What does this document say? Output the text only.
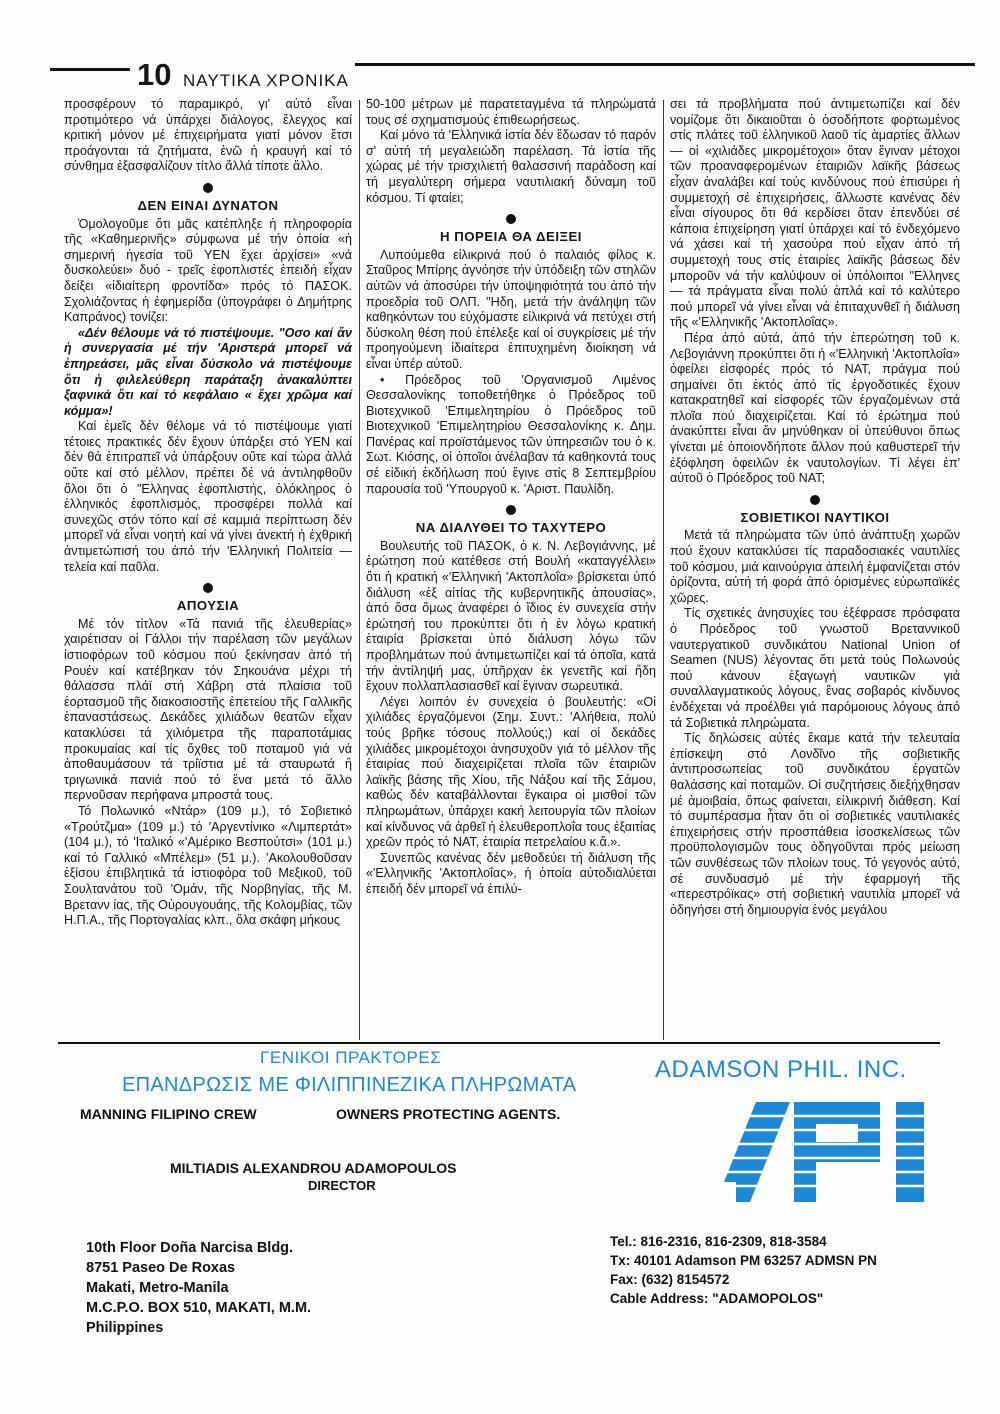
10 ΝΑΥΤΙΚΑ ΧΡΟΝΙΚΑ

προσφέρουν τό παραμικρό, γι' αὐτό εἶναι προτιμότερο νά ὑπάρχει διάλογος, ἔλεγχος καί κριτική μόνον μέ ἐπιχειρήματα γιατί μόνον ἔτσι προάγονται τά ζητήματα, ἐνῶ ἡ κραυγή καί τό σύνθημα ἐξασφαλίζουν τίτλο ἄλλά τίποτε ἄλλο.

ΔΕΝ ΕΙΝΑΙ ΔΥΝΑΤΟΝ

Ὁμολογοῦμε ὅτι μᾶς κατέπληξε ἡ πληροφορία τῆς «Καθημερινῆς» σύμφωνα μέ τήν ὁποία «ἡ σημερινή ἡγεσία τοῦ ΥΕΝ ἔχει ἀρχίσει» «νά δυσκολεύει» δυό - τρεῖς ἐφοπλιστές ἐπειδή εἶχαν δείξει «ἰδιαίτερη φροντίδα» πρός τό ΠΑΣΟΚ. Σχολιάζοντας ἡ ἐφημερίδα (ὑπογράφει ὁ Δημήτρης Καπράνος) τονίζει:

«Δέν θέλουμε νά τό πιστέψουμε. "Οσο καί ἄν ἡ συνεργασία μέ τήν 'Αριστερά μπορεῖ νά ἐπηρεάσει, μᾶς εἶναι δύσκολο νά πιστέψουμε ὅτι ἡ φιλελεύθερη παράταξη ἀνακαλύπτει ξαφνικά ὅτι καί τό κεφάλαιο « ἔχει χρῶμα καί κόμμα»!

Καί ἐμεῖς δέν θέλομε νά τό πιστέψουμε γιατί τέτοιες πρακτικές δέν ἔχουν ὑπάρξει στό ΥΕΝ καί δέν θά ἐπιτραπεῖ νά ὑπάρξουν οὔτε καί τώρα ἀλλά οὔτε καί στό μέλλον, πρέπει δέ νά ἀντιληφθοῦν ὅλοι ὅτι ὁ "Ελληνας ἐφοπλιστής, ὁλόκληρος ὁ ἑλληνικός ἐφοπλισμός, προσφέρει πολλά καί συνεχῶς στόν τόπο καί σέ καμμιά περίπτωση δέν μπορεῖ νά εἶναι νοητή καί νά γίνει ἀνεκτή ἡ ἐχθρική ἀντιμετώπισή του ἀπό τήν 'Ελληνική Πολιτεία — τελεία καί παῦλα.

ΑΠΟΥΣΙΑ

Μέ τόν τίτλον «Τά πανιά τῆς ἐλευθερίας» χαιρέτισαν οἱ Γάλλοι τήν παρέλαση τῶν μεγάλων ἰστιοφόρων τοῦ κόσμου πού ξεκίνησαν ἀπό τή Ρουέν καί κατέβηκαν τόν Σηκουάνα μέχρι τή θάλασσα πλάϊ στή Χάβρη στά πλαίσια τοῦ ἑορτασμοῦ τῆς διακοσιοστῆς ἐπετείου τῆς Γαλλικῆς ἐπαναστάσεως. Δεκάδες χιλιάδων θεατῶν εἶχαν κατακλύσει τά χιλιόμετρα τῆς παραποτάμιας προκυμαίας καί τίς ὄχθες τοῦ ποταμοῦ γιά νά ἀποθαυμάσουν τά τρίϊστια μέ τά σταυρωτά ἤ τριγωνικά πανιά πού τό ἕνα μετά τό ἄλλο περνοῦσαν περήφανα μπροστά τους.

Τό Πολωνικό «Ντάρ» (109 μ.), τό Σοβιετικό «Τρούτζμα» (109 μ.) τό 'Αργεντίνικο «Λιμπερτάτ» (104 μ.), τό 'Ιταλικό «'Αμέρικο Βεσπούτσι» (101 μ.) καί τό Γαλλικό «Μπέλεμ» (51 μ.). 'Ακολουθοῦσαν ἐξίσου ἐπιβλητικά τά ἰστιοφόρα τοῦ Μεξικοῦ, τοῦ Σουλτανάτου τοῦ 'Ομάν, τῆς Νορβηγίας, τῆς Μ. Βρετανν ίας, τῆς Οὐρουγουάης, τῆς Κολομβίας, τῶν Η.Π.Α., τῆς Πορτογαλίας κλπ., ὅλα σκάφη μήκους

50-100 μέτρων μέ παρατεταγμένα τά πληρώματά τους σέ σχηματισμούς ἐπιθεωρήσεως.

Καί μόνο τά 'Ελληνικά ἰστία δέν ἔδωσαν τό παρόν σ' αὐτή τή μεγαλειώδη παρέλαση. Τά ἰστία τῆς χώρας μέ τήν τρισχιλιετή θαλασσινή παράδοση καί τή μεγαλύτερη σήμερα ναυτιλιακή δύναμη τοῦ κόσμου. Τί φταίει;

Η ΠΟΡΕΙΑ ΘΑ ΔΕΙΞΕΙ

Λυπούμεθα εἰλικρινά πού ὁ παλαιός φίλος κ. Σταῦρος Μπίρης ἀγνόησε τήν ὑπόδειξη τῶν στηλῶν αὐτῶν νά ἀποσύρει τήν ὑποψηφιότητά του ἀπό τήν προεδρία τοῦ ΟΛΠ. "Ηδη, μετά τήν ἀνάληψη τῶν καθηκόντων του εὐχόμαστε εἰλικρινά νά πετύχει στή δύσκολη θέση πού ἐπέλεξε καί οἱ συγκρίσεις μέ τήν προηγούμενη ἰδιαίτερα ἐπιτυχημένη διοίκηση νά εἶναι ὑπέρ αὐτοῦ.

• Πρόεδρος τοῦ 'Οργανισμοῦ Λιμένος Θεσσαλονίκης τοποθετήθηκε ὁ Πρόεδρος τοῦ Βιοτεχνικοῦ 'Επιμελητηρίου ὁ Πρόεδρος τοῦ Βιοτεχνικοῦ 'Επιμελητηρίου Θεσσαλονίκης κ. Δημ. Πανέρας καί προϊστάμενος τῶν ὑπηρεσιῶν του ὁ κ. Σωτ. Κιόσης, οἱ ὁποῖοι ἀνέλαβαν τά καθηκοντά τους σέ εἰδική ἐκδήλωση πού ἔγινε στίς 8 Σεπτεμβρίου παρουσία τοῦ 'Υπουργοῦ κ. 'Αριστ. Παυλίδη.

ΝΑ ΔΙΑΛΥΘΕΙ ΤΟ ΤΑΧΥΤΕΡΟ

Βουλευτής τοῦ ΠΑΣΟΚ, ὁ κ. Ν. Λεβογιάννης, μέ ἐρώτηση πού κατέθεσε στή Βουλή «καταγγέλλει» ὅτι ἡ κρατική «'Ελληνική 'Ακτοπλοΐα» βρίσκεται ὑπό διάλυση «ἐξ αἰτίας τῆς κυβερνητικῆς ἀπουσίας», ἀπό ὅσα ὅμως ἀναφέρει ὁ ἴδιος ἐν συνεχεία στήν ἐρώτησή του προκύπτει ὅτι ἡ ἐν λόγω κρατική ἑταιρία βρίσκεται ὑπό διάλυση λόγω τῶν προβλημάτων πού ἀντιμετωπίζει καί τά ὁποῖα, κατά τήν ἀντίληψή μας, ὑπῆρχαν ἐκ γενετῆς καί ἤδη ἔχουν πολλαπλασιασθεῖ καί ἔγιναν σωρευτικά.

Λέγει λοιπόν ἐν συνεχεία ὁ βουλευτής: «Οἱ χιλιάδες ἐργαζόμενοι (Σημ. Συντ.: 'Αλήθεια, πολύ τούς βρῆκε τόσους πολλούς;) καί οἱ δεκάδες χιλιάδες μικρομέτοχοι ἀνησυχοῦν γιά τό μέλλον τῆς ἑταιρίας πού διαχειρίζεται πλοῖα τῶν ἑταιριῶν λαϊκῆς βάσης τῆς Χίου, τῆς Νάξου καί τῆς Σάμου, καθώς δέν καταβάλλονται ἔγκαιρα οἱ μισθοί τῶν πληρωμάτων, ὑπάρχει κακή λειτουργία τῶν πλοίων καί κίνδυνος νά ἀρθεῖ ἡ ἐλευθεροπλοΐα τους ἐξαιτίας χρεῶν πρός τό ΝΑΤ, ἑταιρία πετρελαίου κ.ἄ.».

Συνεπῶς κανένας δέν μεθοδεύει τή διάλυση τῆς «'Ελληνικῆς 'Ακτοπλοΐας», ἡ ὁποία αὐτοδιαλύεται ἐπειδή δέν μπορεῖ νά ἐπιλύ-

σει τά προβλήματα πού ἀντιμετωπίζει καί δέν νομίζομε ὅτι δικαιοῦται ὁ ὁσοδήποτε φορτωμένος στίς πλάτες τοῦ ἑλληνικοῦ λαοῦ τίς ἁμαρτίες ἄλλων — οἱ «χιλιάδες μικρομέτοχοι» ὅταν ἔγιναν μέτοχοι τῶν προαναφερομένων ἑταιριῶν λαϊκῆς βάσεως εἶχαν ἀναλάβει καί τούς κινδύνους πού ἐπισύρει ἡ συμμετοχή σέ ἐπιχειρήσεις, ἄλλωστε κανένας δέν εἶναι σίγουρος ὅτι θά κερδίσει ὅταν ἐπενδύει σέ κάποια ἐπιχείρηση γιατί ὑπάρχει καί τό ἐνδεχόμενο νά χάσει καί τή χασούρα πού εἶχαν ἀπό τή συμμετοχή τους στίς ἑταιρίες λαϊκῆς βάσεως δέν μποροῦν νά τήν καλύψουν οἱ ὑπόλοιποι "Ελληνες — τά πράγματα εἶναι πολύ ἁπλά καί τό καλύτερο πού μπορεῖ νά γίνει εἶναι νά ἐπιταχυνθεῖ ἡ διάλυση τῆς «'Ελληνικῆς 'Ακτοπλοΐας».

Πέρα ἀπό αὐτά, ἀπό τήν ἐπερώτηση τοῦ κ. Λεβογιάννη προκύπτει ὅτι ἡ «'Ελληνική 'Ακτοπλοΐα» ὀφείλει εἰσφορές πρός τό ΝΑΤ, πράγμα πού σημαίνει ὅτι ἐκτός ἀπό τίς ἐργοδοτικές ἔχουν κατακρατηθεῖ καί εἰσφορές τῶν ἐργαζομένων στά πλοῖα πού διαχειρίζεται. Καί τό ἐρώτημα πού ἀνακύπτει εἶναι ἄν μηνύθηκαν οἱ ὑπεύθυνοι ὅπως γίνεται μέ ὁποιονδήποτε ἄλλον πού καθυστερεῖ τήν ἐξόφληση ὀφειλῶν ἐκ ναυτολογίων. Τί λέγει ἐπ' αὐτοῦ ὁ Πρόεδρος τοῦ ΝΑΤ;

ΣΟΒΙΕΤΙΚΟΙ ΝΑΥΤΙΚΟΙ

Μετά τά πληρώματα τῶν ὑπό ἀνάπτυξη χωρῶν πού ἔχουν κατακλύσει τίς παραδοσιακές ναυτιλίες τοῦ κόσμου, μιά καινούργια ἀπειλή ἐμφανίζεται στόν ὁρίζοντα, αὐτή τή φορά ἀπό ὁρισμένες εὐρωπαϊκές χῶρες.

Τίς σχετικές ἀνησυχίες του ἐξέφρασε πρόσφατα ὁ Πρόεδρος τοῦ γνωστοῦ Βρεταννικοῦ ναυτεργατικοῦ συνδικάτου National Union of Seamen (NUS) λέγοντας ὅτι μετά τούς Πολωνούς πού κάνουν ἐξαγωγή ναυτικῶν γιά συναλλαγματικούς λόγους, ἕνας σοβαρός κίνδυνος ἐνδέχεται νά προέλθει γιά παρόμοιους λόγους ἀπό τά Σοβιετικά πληρώματα.

Τίς δηλώσεις αὐτές ἔκαμε κατά τήν τελευταία ἐπίσκεψη στό Λονδῖνο τῆς σοβιετικῆς ἀντιπροσωπείας τοῦ συνδικάτου ἐργατῶν θαλάσσης καί ποταμῶν. Οἱ συζητήσεις διεξήχθησαν μέ ἀμοιβαία, ὅπως φαίνεται, εἰλικρινή διάθεση. Καί τό συμπέρασμα ἦταν ὅτι οἱ σοβιετικές ναυτιλιακές ἐπιχειρήσεις στήν προσπάθεια ἰσοσκελίσεως τῶν προϋπολογισμῶν τους ὁδηγοῦνται πρός μείωση τῶν συνθέσεως τῶν πλοίων τους. Τό γεγονός αὐτό, σέ συνδυασμό μέ τήν ἐφαρμογή τῆς «περεστρόϊκας» στή σοβιετική ναυτιλία μπορεῖ νά ὁδηγήσει στή δημιουργία ἑνός μεγάλου

ΓΕΝΙΚΟΙ ΠΡΑΚΤΟΡΕΣ
ΕΠΑΝΔΡΩΣΙΣ ΜΕ ΦΙΛΙΠΠΙΝΕΖΙΚΑ ΠΛΗΡΩΜΑΤΑ
ADAMSON PHIL. INC.
MANNING FILIPINO CREW	OWNERS PROTECTING AGENTS.
MILTIADIS ALEXANDROU ADAMOPOULOS
DIRECTOR
10th Floor Doña Narcisa Bldg.
8751 Paseo De Roxas
Makati, Metro-Manila
M.C.P.O. BOX 510, MAKATI, M.M.
Philippines
Tel.: 816-2316, 816-2309, 818-3584
Tx: 40101 Adamson PM 63257 ADMSN PN
Fax: (632) 8154572
Cable Address: "ADAMOPOLOS"
